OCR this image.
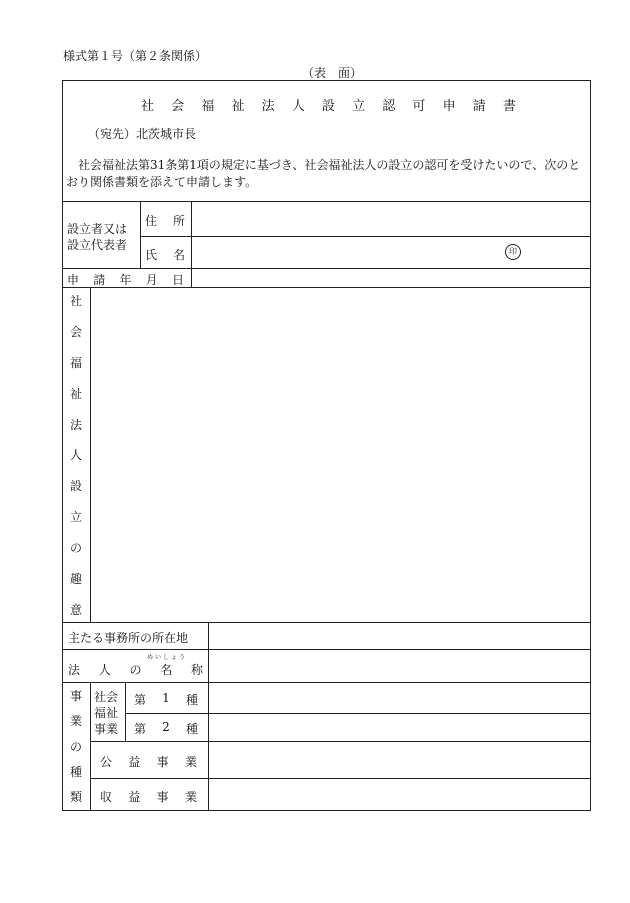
様式第１号（第２条関係）
（表　面）
社 会 福 祉 法 人 設 立 認 可 申 請 書
（宛先）北茨城市長
社会福祉法第31条第1項の規定に基づき、社会福祉法人の設立の認可を受けたいので、次のと
おり関係書類を添えて申請します。
設立者又は
設立代表者
住 所
氏 名	印
申 請 年 月 日
社
会
福
祉
法
人
設
立
の
趣
意
主たる事務所の所在地
法 人 の 名 称
めいしょう
事
業
の
種
類
社会
福祉
事業
第 1 種
第 2 種
公 益 事 業
収 益 事 業
